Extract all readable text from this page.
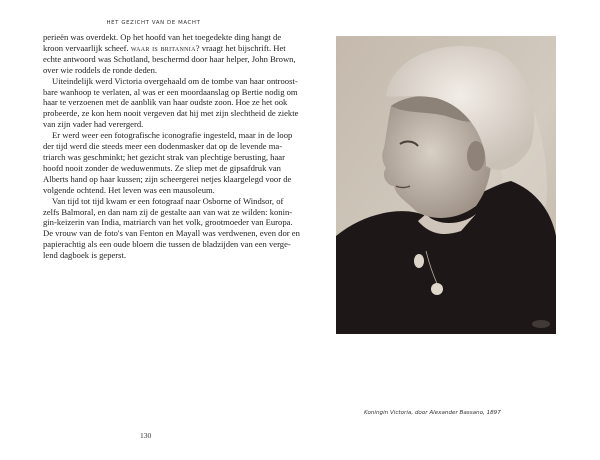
HET GEZICHT VAN DE MACHT
perieën was overdekt. Op het hoofd van het toegedekte ding hangt de
kroon vervaarlijk scheef. waar is britannia? vraagt het bijschrift. Het
echte antwoord was Schotland, beschermd door haar helper, John Brown,
over wie roddels de ronde deden.
Uiteindelijk werd Victoria overgehaald om de tombe van haar ontroost-
bare wanhoop te verlaten, al was er een moordaanslag op Bertie nodig om
haar te verzoenen met de aanblik van haar oudste zoon. Hoe ze het ook
probeerde, ze kon hem nooit vergeven dat hij met zijn slechtheid de ziekte
van zijn vader had verergerd.
Er werd weer een fotografische iconografie ingesteld, maar in de loop
der tijd werd die steeds meer een dodenmasker dat op de levende ma-
triarch was geschminkt; het gezicht strak van plechtige berusting, haar
hoofd nooit zonder de weduwenmuts. Ze sliep met de gipsafdruk van
Alberts hand op haar kussen; zijn scheergerei netjes klaargelegd voor de
volgende ochtend. Het leven was een mausoleum.
Van tijd tot tijd kwam er een fotograaf naar Osborne of Windsor, of
zelfs Balmoral, en dan nam zij de gestalte aan van wat ze wilden: konin-
gin-keizerin van India, matriarch van het volk, grootmoeder van Europa.
De vrouw van de foto's van Fenton en Mayall was verdwenen, even dor en
papierachtig als een oude bloem die tussen de bladzijden van een verge-
lend dagboek is geperst.
130
Koningin Victoria, door Alexander Bassano, 1897
